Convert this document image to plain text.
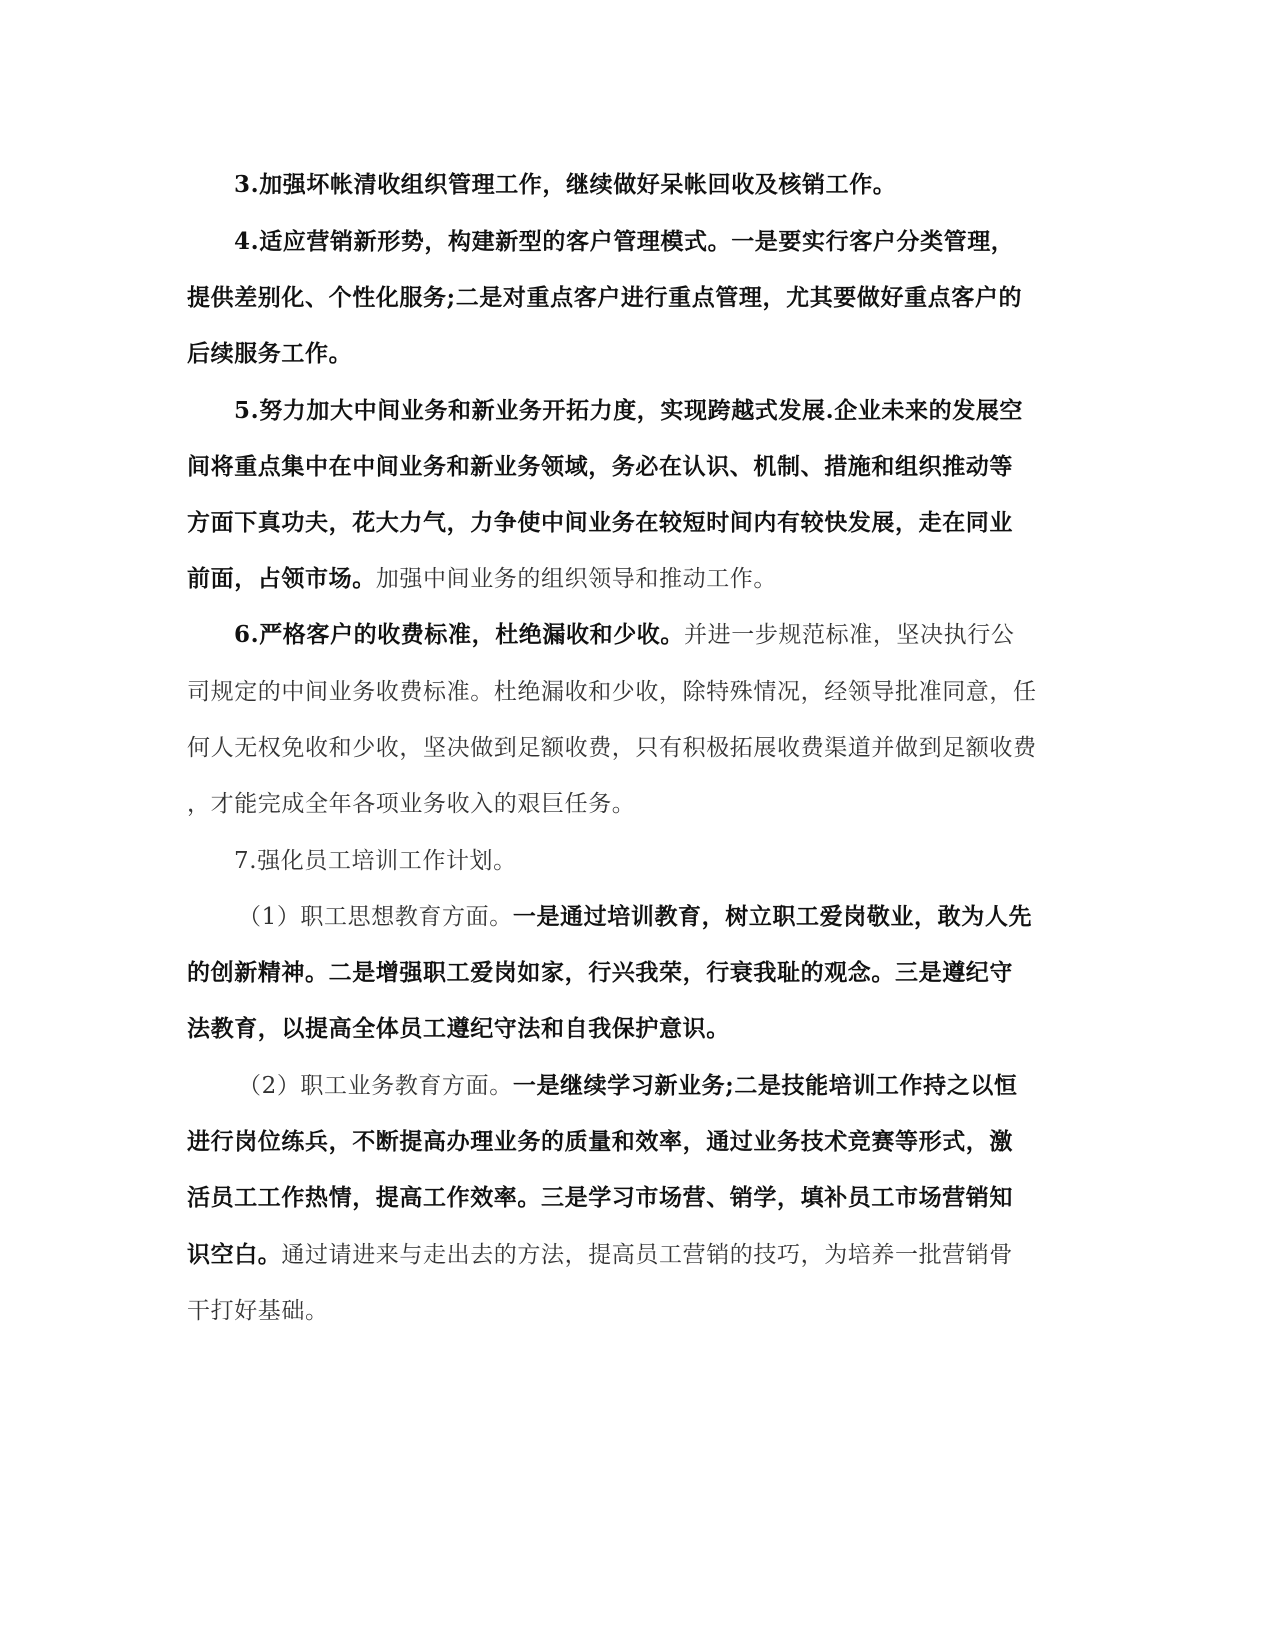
3.加强坏帐清收组织管理工作，继续做好呆帐回收及核销工作。
4.适应营销新形势，构建新型的客户管理模式。一是要实行客户分类管理，
提供差别化、个性化服务;二是对重点客户进行重点管理，尤其要做好重点客户的
后续服务工作。
5.努力加大中间业务和新业务开拓力度，实现跨越式发展.企业未来的发展空
间将重点集中在中间业务和新业务领域，务必在认识、机制、措施和组织推动等
方面下真功夫，花大力气，力争使中间业务在较短时间内有较快发展，走在同业
前面，占领市场。加强中间业务的组织领导和推动工作。
6.严格客户的收费标准，杜绝漏收和少收。并进一步规范标准，坚决执行公
司规定的中间业务收费标准。杜绝漏收和少收，除特殊情况，经领导批准同意，任
何人无权免收和少收，坚决做到足额收费，只有积极拓展收费渠道并做到足额收费
，才能完成全年各项业务收入的艰巨任务。
7.强化员工培训工作计划。
（1）职工思想教育方面。一是通过培训教育，树立职工爱岗敬业，敢为人先
的创新精神。二是增强职工爱岗如家，行兴我荣，行衰我耻的观念。三是遵纪守
法教育，以提高全体员工遵纪守法和自我保护意识。
（2）职工业务教育方面。一是继续学习新业务;二是技能培训工作持之以恒
进行岗位练兵，不断提高办理业务的质量和效率，通过业务技术竞赛等形式，激
活员工工作热情，提高工作效率。三是学习市场营、销学，填补员工市场营销知
识空白。通过请进来与走出去的方法，提高员工营销的技巧，为培养一批营销骨
干打好基础。
